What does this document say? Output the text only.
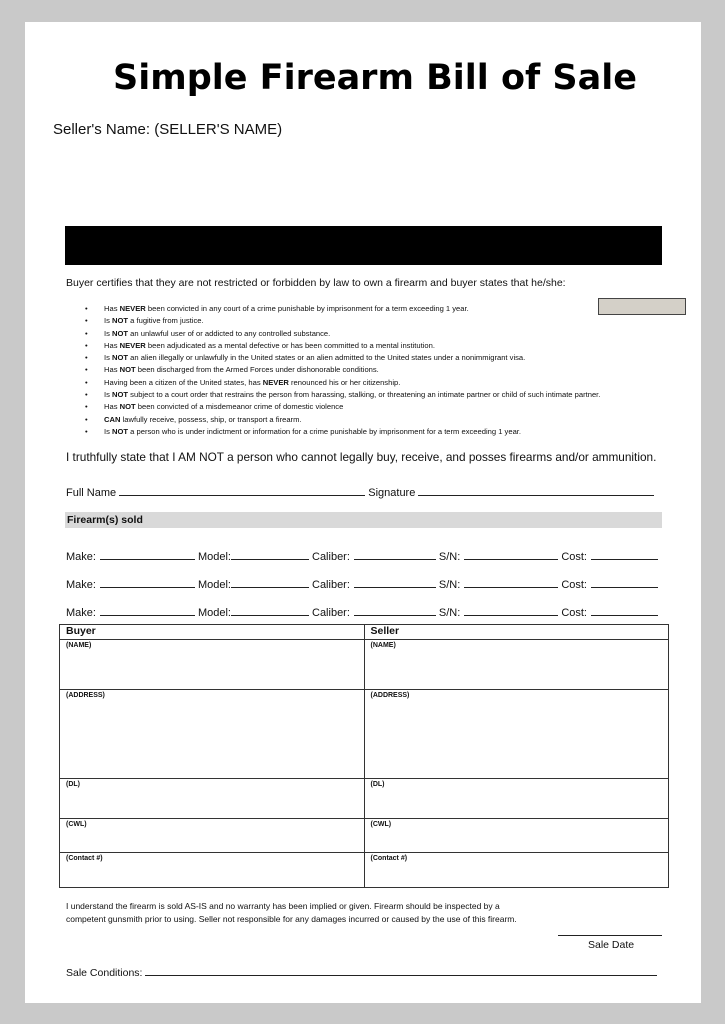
Simple Firearm Bill of Sale
Seller's Name: (SELLER'S NAME)
Buyer certifies that they are not restricted or forbidden by law to own a firearm and buyer states that he/she:
• Has NEVER been convicted in any court of a crime punishable by imprisonment for a term exceeding 1 year.
• Is NOT a fugitive from justice.
• Is NOT an unlawful user of or addicted to any controlled substance.
• Has NEVER been adjudicated as a mental defective or has been committed to a mental institution.
• Is NOT an alien illegally or unlawfully in the United states or an alien admitted to the United states under a nonimmigrant visa.
• Has NOT been discharged from the Armed Forces under dishonorable conditions.
• Having been a citizen of the United states, has NEVER renounced his or her citizenship.
• Is NOT subject to a court order that restrains the person from harassing, stalking, or threatening an intimate partner or child of such intimate partner.
• Has NOT been convicted of a misdemeanor crime of domestic violence
• CAN lawfully receive, possess, ship, or transport a firearm.
• Is NOT a person who is under indictment or information for a crime punishable by imprisonment for a term exceeding 1 year.
I truthfully state that I AM NOT a person who cannot legally buy, receive, and posses firearms and/or ammunition.
Full Name	Signature
Firearm(s) sold
Make:	Model:	Caliber:	S/N:	Cost:
Make:	Model:	Caliber:	S/N:	Cost:
Make:	Model:	Caliber:	S/N:	Cost:
Buyer	Seller
(NAME)	(NAME)
(ADDRESS)	(ADDRESS)
(DL)	(DL)
(CWL)	(CWL)
(Contact #)	(Contact #)
I understand the firearm is sold AS-IS and no warranty has been implied or given. Firearm should be inspected by a
competent gunsmith prior to using. Seller not responsible for any damages incurred or caused by the use of this firearm.
Sale Date
Sale Conditions:
